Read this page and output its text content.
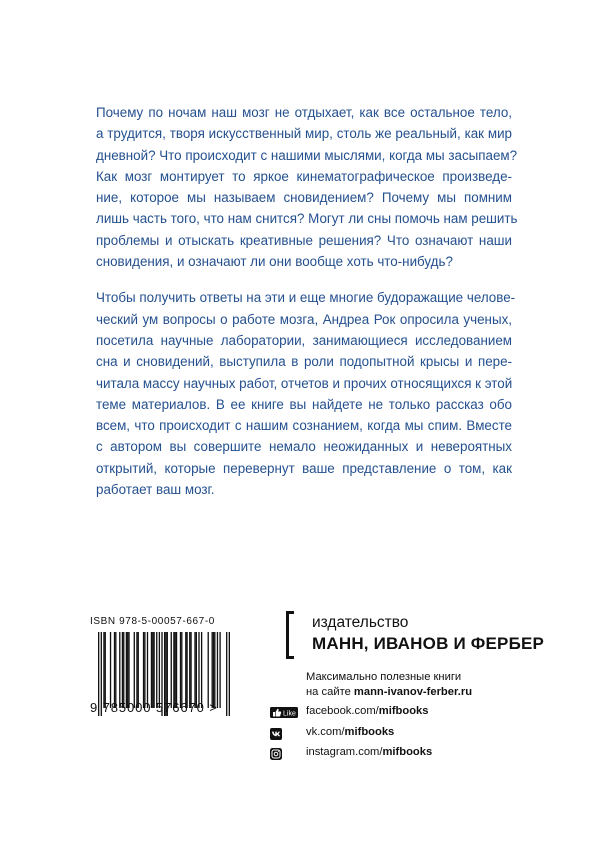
Почему по ночам наш мозг не отдыхает, как все остальное тело,
а трудится, творя искусственный мир, столь же реальный, как мир
дневной? Что происходит с нашими мыслями, когда мы засыпаем?
Как мозг монтирует то яркое кинематографическое произведе-
ние, которое мы называем сновидением? Почему мы помним
лишь часть того, что нам снится? Могут ли сны помочь нам решить
проблемы и отыскать креативные решения? Что означают наши
сновидения, и означают ли они вообще хоть что-нибудь?

Чтобы получить ответы на эти и еще многие будоражащие челове-
ческий ум вопросы о работе мозга, Андреа Рок опросила ученых,
посетила научные лаборатории, занимающиеся исследованием
сна и сновидений, выступила в роли подопытной крысы и пере-
читала массу научных работ, отчетов и прочих относящихся к этой
теме материалов. В ее книге вы найдете не только рассказ обо
всем, что происходит с нашим сознанием, когда мы спим. Вместе
с автором вы совершите немало неожиданных и невероятных
открытий, которые перевернут ваше представление о том, как
работает ваш мозг.

ISBN 978-5-00057-667-0
9 785000 576670 >
издательство
МАНН, ИВАНОВ И ФЕРБЕР
Максимально полезные книги
на сайте mann-ivanov-ferber.ru
Like facebook.com/mifbooks
vk.com/mifbooks
instagram.com/mifbooks
